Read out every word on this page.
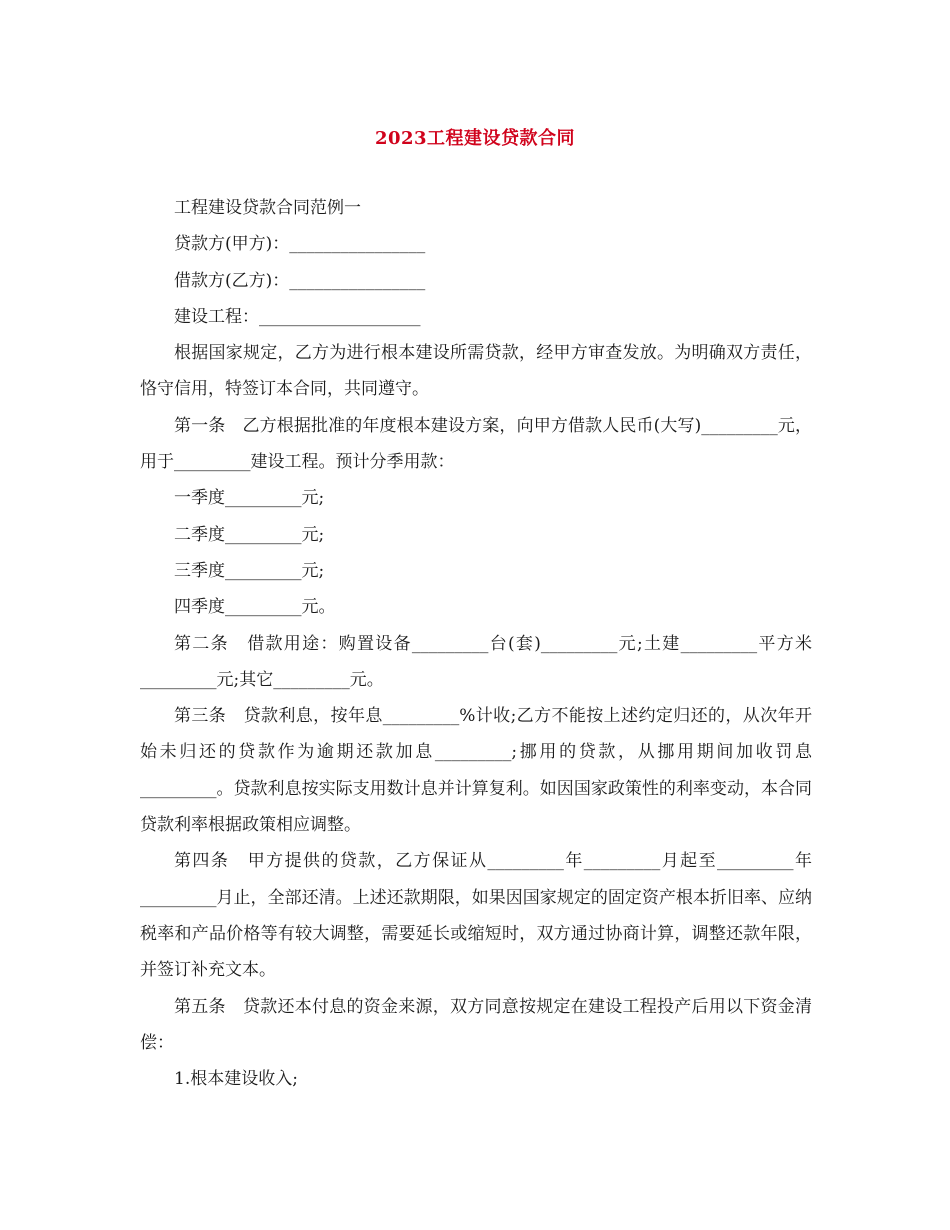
2023工程建设贷款合同

工程建设贷款合同范例一

贷款方(甲方)：________________

借款方(乙方)：________________

建设工程：___________________

根据国家规定，乙方为进行根本建设所需贷款，经甲方审查发放。为明确双方责任，恪守信用，特签订本合同，共同遵守。

第一条　乙方根据批准的年度根本建设方案，向甲方借款人民币(大写)_________元，用于_________建设工程。预计分季用款：

一季度_________元;

二季度_________元;

三季度_________元;

四季度_________元。

第二条　借款用途：购置设备_________台(套)_________元;土建_________平方米_________元;其它_________元。

第三条　贷款利息，按年息_________%计收;乙方不能按上述约定归还的，从次年开始未归还的贷款作为逾期还款加息_________;挪用的贷款，从挪用期间加收罚息_________。贷款利息按实际支用数计息并计算复利。如因国家政策性的利率变动，本合同贷款利率根据政策相应调整。

第四条　甲方提供的贷款，乙方保证从_________年_________月起至_________年_________月止，全部还清。上述还款期限，如果因国家规定的固定资产根本折旧率、应纳税率和产品价格等有较大调整，需要延长或缩短时，双方通过协商计算，调整还款年限，并签订补充文本。

第五条　贷款还本付息的资金来源，双方同意按规定在建设工程投产后用以下资金清偿：

1.根本建设收入;
